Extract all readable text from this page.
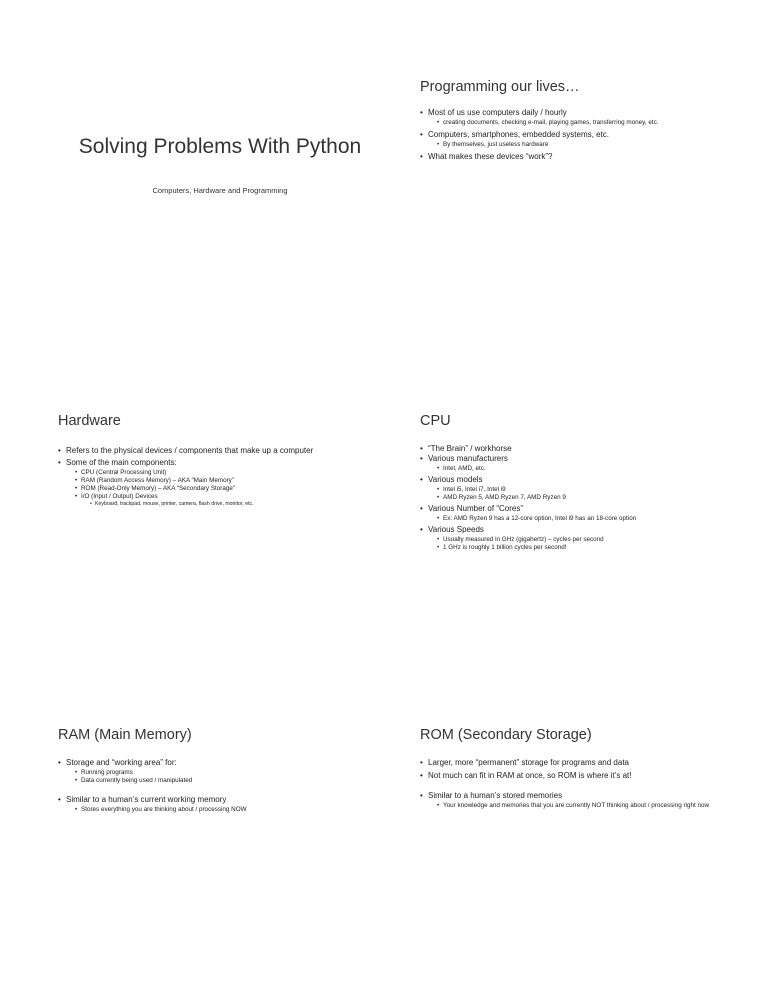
Solving Problems With Python

Computers, Hardware and Programming

Programming our lives…
• Most of us use computers daily / hourly
• creating documents, checking e-mail, playing games, transferring money, etc.
• Computers, smartphones, embedded systems, etc.
• By themselves, just useless hardware
• What makes these devices “work”?
Hardware
• Refers to the physical devices / components that make up a computer
• Some of the main components:
• CPU (Central Processing Unit)
• RAM (Random Access Memory) – AKA “Main Memory”
• ROM (Read-Only Memory) – AKA “Secondary Storage”
• I/O (Input / Output) Devices
• Keyboard, trackpad, mouse, printer, camera, flash drive, monitor, etc.
CPU
• “The Brain” / workhorse
• Various manufacturers
• Intel, AMD, etc.
• Various models
• Intel i5, Intel i7, Intel i9
• AMD Ryzen 5, AMD Ryzen 7, AMD Ryzen 9
• Various Number of “Cores”
• Ex: AMD Ryzen 9 has a 12-core option, Intel i9 has an 18-core option
• Various Speeds
• Usually measured in GHz (gigahertz) – cycles per second
• 1 GHz is roughly 1 billion cycles per second!
RAM (Main Memory)
• Storage and “working area” for:
• Running programs
• Data currently being used / manipulated
• Similar to a human’s current working memory
• Stores everything you are thinking about / processing NOW
ROM (Secondary Storage)
• Larger, more “permanent” storage for programs and data
• Not much can fit in RAM at once, so ROM is where it’s at!
• Similar to a human’s stored memories
• Your knowledge and memories that you are currently NOT thinking about / processing right now
